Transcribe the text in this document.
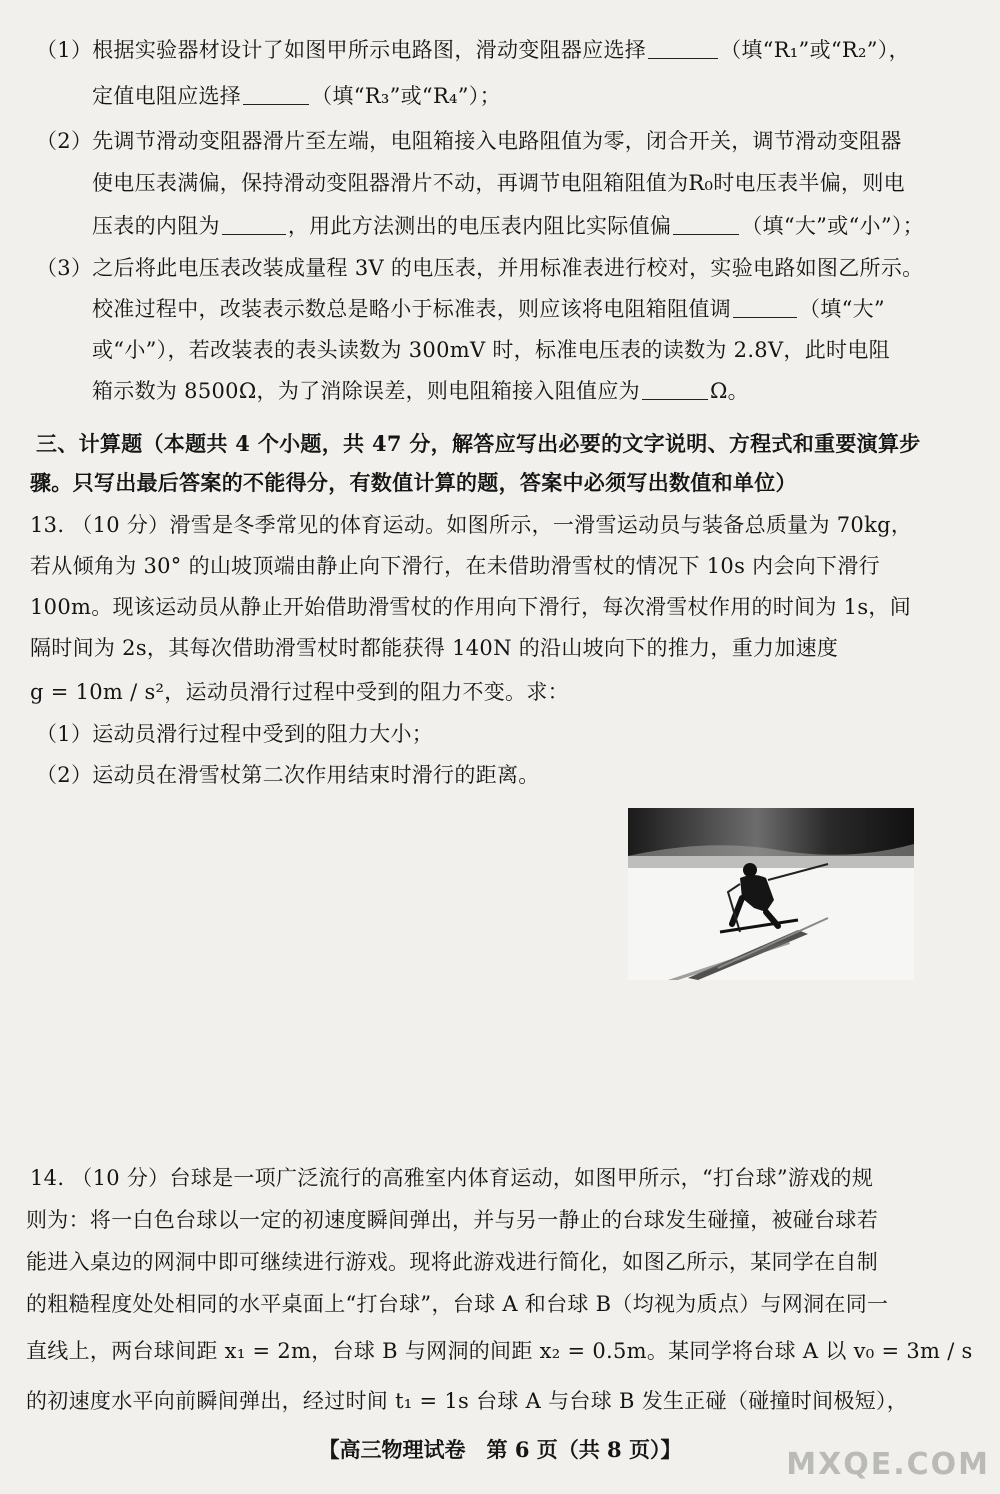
（1）根据实验器材设计了如图甲所示电路图，滑动变阻器应选择	（填“R₁”或“R₂”），
定值电阻应选择	（填“R₃”或“R₄”）；
（2）先调节滑动变阻器滑片至左端，电阻箱接入电路阻值为零，闭合开关，调节滑动变阻器
使电压表满偏，保持滑动变阻器滑片不动，再调节电阻箱阻值为R₀时电压表半偏，则电
压表的内阻为	，用此方法测出的电压表内阻比实际值偏	（填“大”或“小”）；
（3）之后将此电压表改装成量程 3V 的电压表，并用标准表进行校对，实验电路如图乙所示。
校准过程中，改装表示数总是略小于标准表，则应该将电阻箱阻值调	（填“大”
或“小”），若改装表的表头读数为 300mV 时，标准电压表的读数为 2.8V，此时电阻
箱示数为 8500Ω，为了消除误差，则电阻箱接入阻值应为	Ω。
三、计算题（本题共 4 个小题，共 47 分，解答应写出必要的文字说明、方程式和重要演算步
骤。只写出最后答案的不能得分，有数值计算的题，答案中必须写出数值和单位）
13. （10 分）滑雪是冬季常见的体育运动。如图所示，一滑雪运动员与装备总质量为 70kg，
若从倾角为 30° 的山坡顶端由静止向下滑行，在未借助滑雪杖的情况下 10s 内会向下滑行
100m。现该运动员从静止开始借助滑雪杖的作用向下滑行，每次滑雪杖作用的时间为 1s，间
隔时间为 2s，其每次借助滑雪杖时都能获得 140N 的沿山坡向下的推力，重力加速度
g = 10m / s²，运动员滑行过程中受到的阻力不变。求：
（1）运动员滑行过程中受到的阻力大小；
（2）运动员在滑雪杖第二次作用结束时滑行的距离。
14. （10 分）台球是一项广泛流行的高雅室内体育运动，如图甲所示，“打台球”游戏的规
则为：将一白色台球以一定的初速度瞬间弹出，并与另一静止的台球发生碰撞，被碰台球若
能进入桌边的网洞中即可继续进行游戏。现将此游戏进行简化，如图乙所示，某同学在自制
的粗糙程度处处相同的水平桌面上“打台球”，台球 A 和台球 B（均视为质点）与网洞在同一
直线上，两台球间距 x₁ = 2m，台球 B 与网洞的间距 x₂ = 0.5m。某同学将台球 A 以 v₀ = 3m / s
的初速度水平向前瞬间弹出，经过时间 t₁ = 1s 台球 A 与台球 B 发生正碰（碰撞时间极短），
【高三物理试卷　第 6 页（共 8 页）】	MXQE.COM
